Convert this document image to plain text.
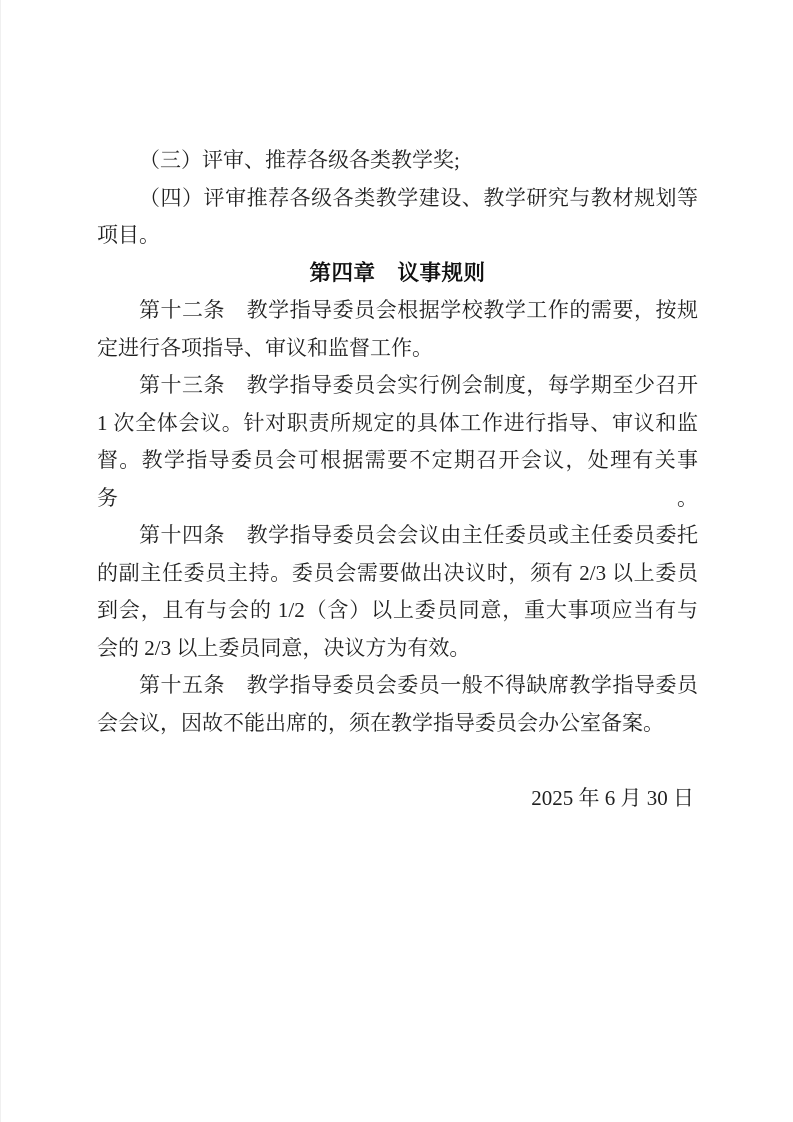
（三）评审、推荐各级各类教学奖;
（四）评审推荐各级各类教学建设、教学研究与教材规划等
项目。
第四章　议事规则
第十二条　教学指导委员会根据学校教学工作的需要，按规
定进行各项指导、审议和监督工作。
第十三条　教学指导委员会实行例会制度，每学期至少召开
1 次全体会议。针对职责所规定的具体工作进行指导、审议和监
督。教学指导委员会可根据需要不定期召开会议，处理有关事务。
第十四条　教学指导委员会会议由主任委员或主任委员委托
的副主任委员主持。委员会需要做出决议时，须有 2/3 以上委员
到会，且有与会的 1/2（含）以上委员同意，重大事项应当有与
会的 2/3 以上委员同意，决议方为有效。
第十五条　教学指导委员会委员一般不得缺席教学指导委员
会会议，因故不能出席的，须在教学指导委员会办公室备案。
2025 年 6 月 30 日
